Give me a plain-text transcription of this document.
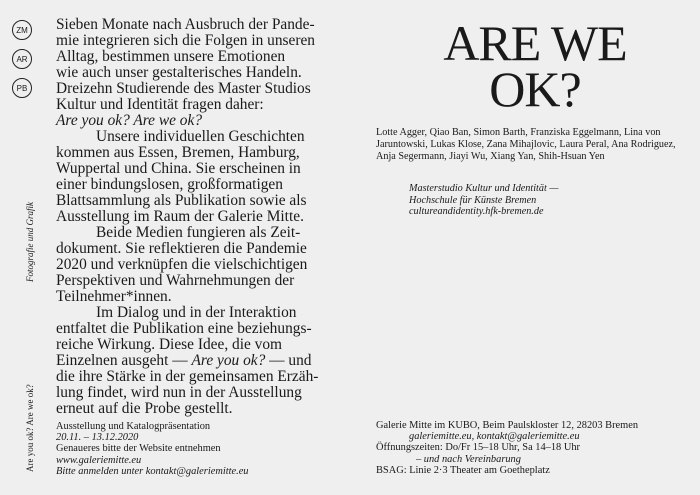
ZM
AR
PB
Fotografie und Grafik
Are you ok? Are we ok?

Sieben Monate nach Ausbruch der Pande-
mie integrieren sich die Folgen in unseren
Alltag, bestimmen unsere Emotionen
wie auch unser gestalterisches Handeln.
Dreizehn Studierende des Master Studios
Kultur und Identität fragen daher:
Are you ok? Are we ok?

Unsere individuellen Geschichten kommen aus Essen, Bremen, Hamburg, Wuppertal und China. Sie erscheinen in einer bindungslosen, großformatigen Blattsammlung als Publikation sowie als Ausstellung im Raum der Galerie Mitte.

Beide Medien fungieren als Zeit-dokument. Sie reflektieren die Pandemie 2020 und verknüpfen die vielschichtigen Perspektiven und Wahrnehmungen der Teilnehmer*innen.

Im Dialog und in der Interaktion entfaltet die Publikation eine beziehungs-reiche Wirkung. Diese Idee, die vom Einzelnen ausgeht — Are you ok? — und die ihre Stärke in der gemeinsamen Erzäh-lung findet, wird nun in der Ausstellung erneut auf die Probe gestellt.

Ausstellung und Katalogpräsentation
20.11. – 13.12.2020
Genaueres bitte der Website entnehmen
www.galeriemitte.eu
Bitte anmelden unter kontakt@galeriemitte.eu
ARE WE
OK?
Lotte Agger, Qiao Ban, Simon Barth, Franziska Eggelmann, Lina von Jaruntowski, Lukas Klose, Zana Mihajlovic, Laura Peral, Ana Rodriguez, Anja Segermann, Jiayi Wu, Xiang Yan, Shih-Hsuan Yen
Masterstudio Kultur und Identität —
Hochschule für Künste Bremen
cultureandidentity.hfk-bremen.de
Galerie Mitte im KUBO, Beim Paulskloster 12, 28203 Bremen
galeriemitte.eu, kontakt@galeriemitte.eu
Öffnungszeiten: Do/Fr 15–18 Uhr, Sa 14–18 Uhr
– und nach Vereinbarung
BSAG: Linie 2·3 Theater am Goetheplatz
